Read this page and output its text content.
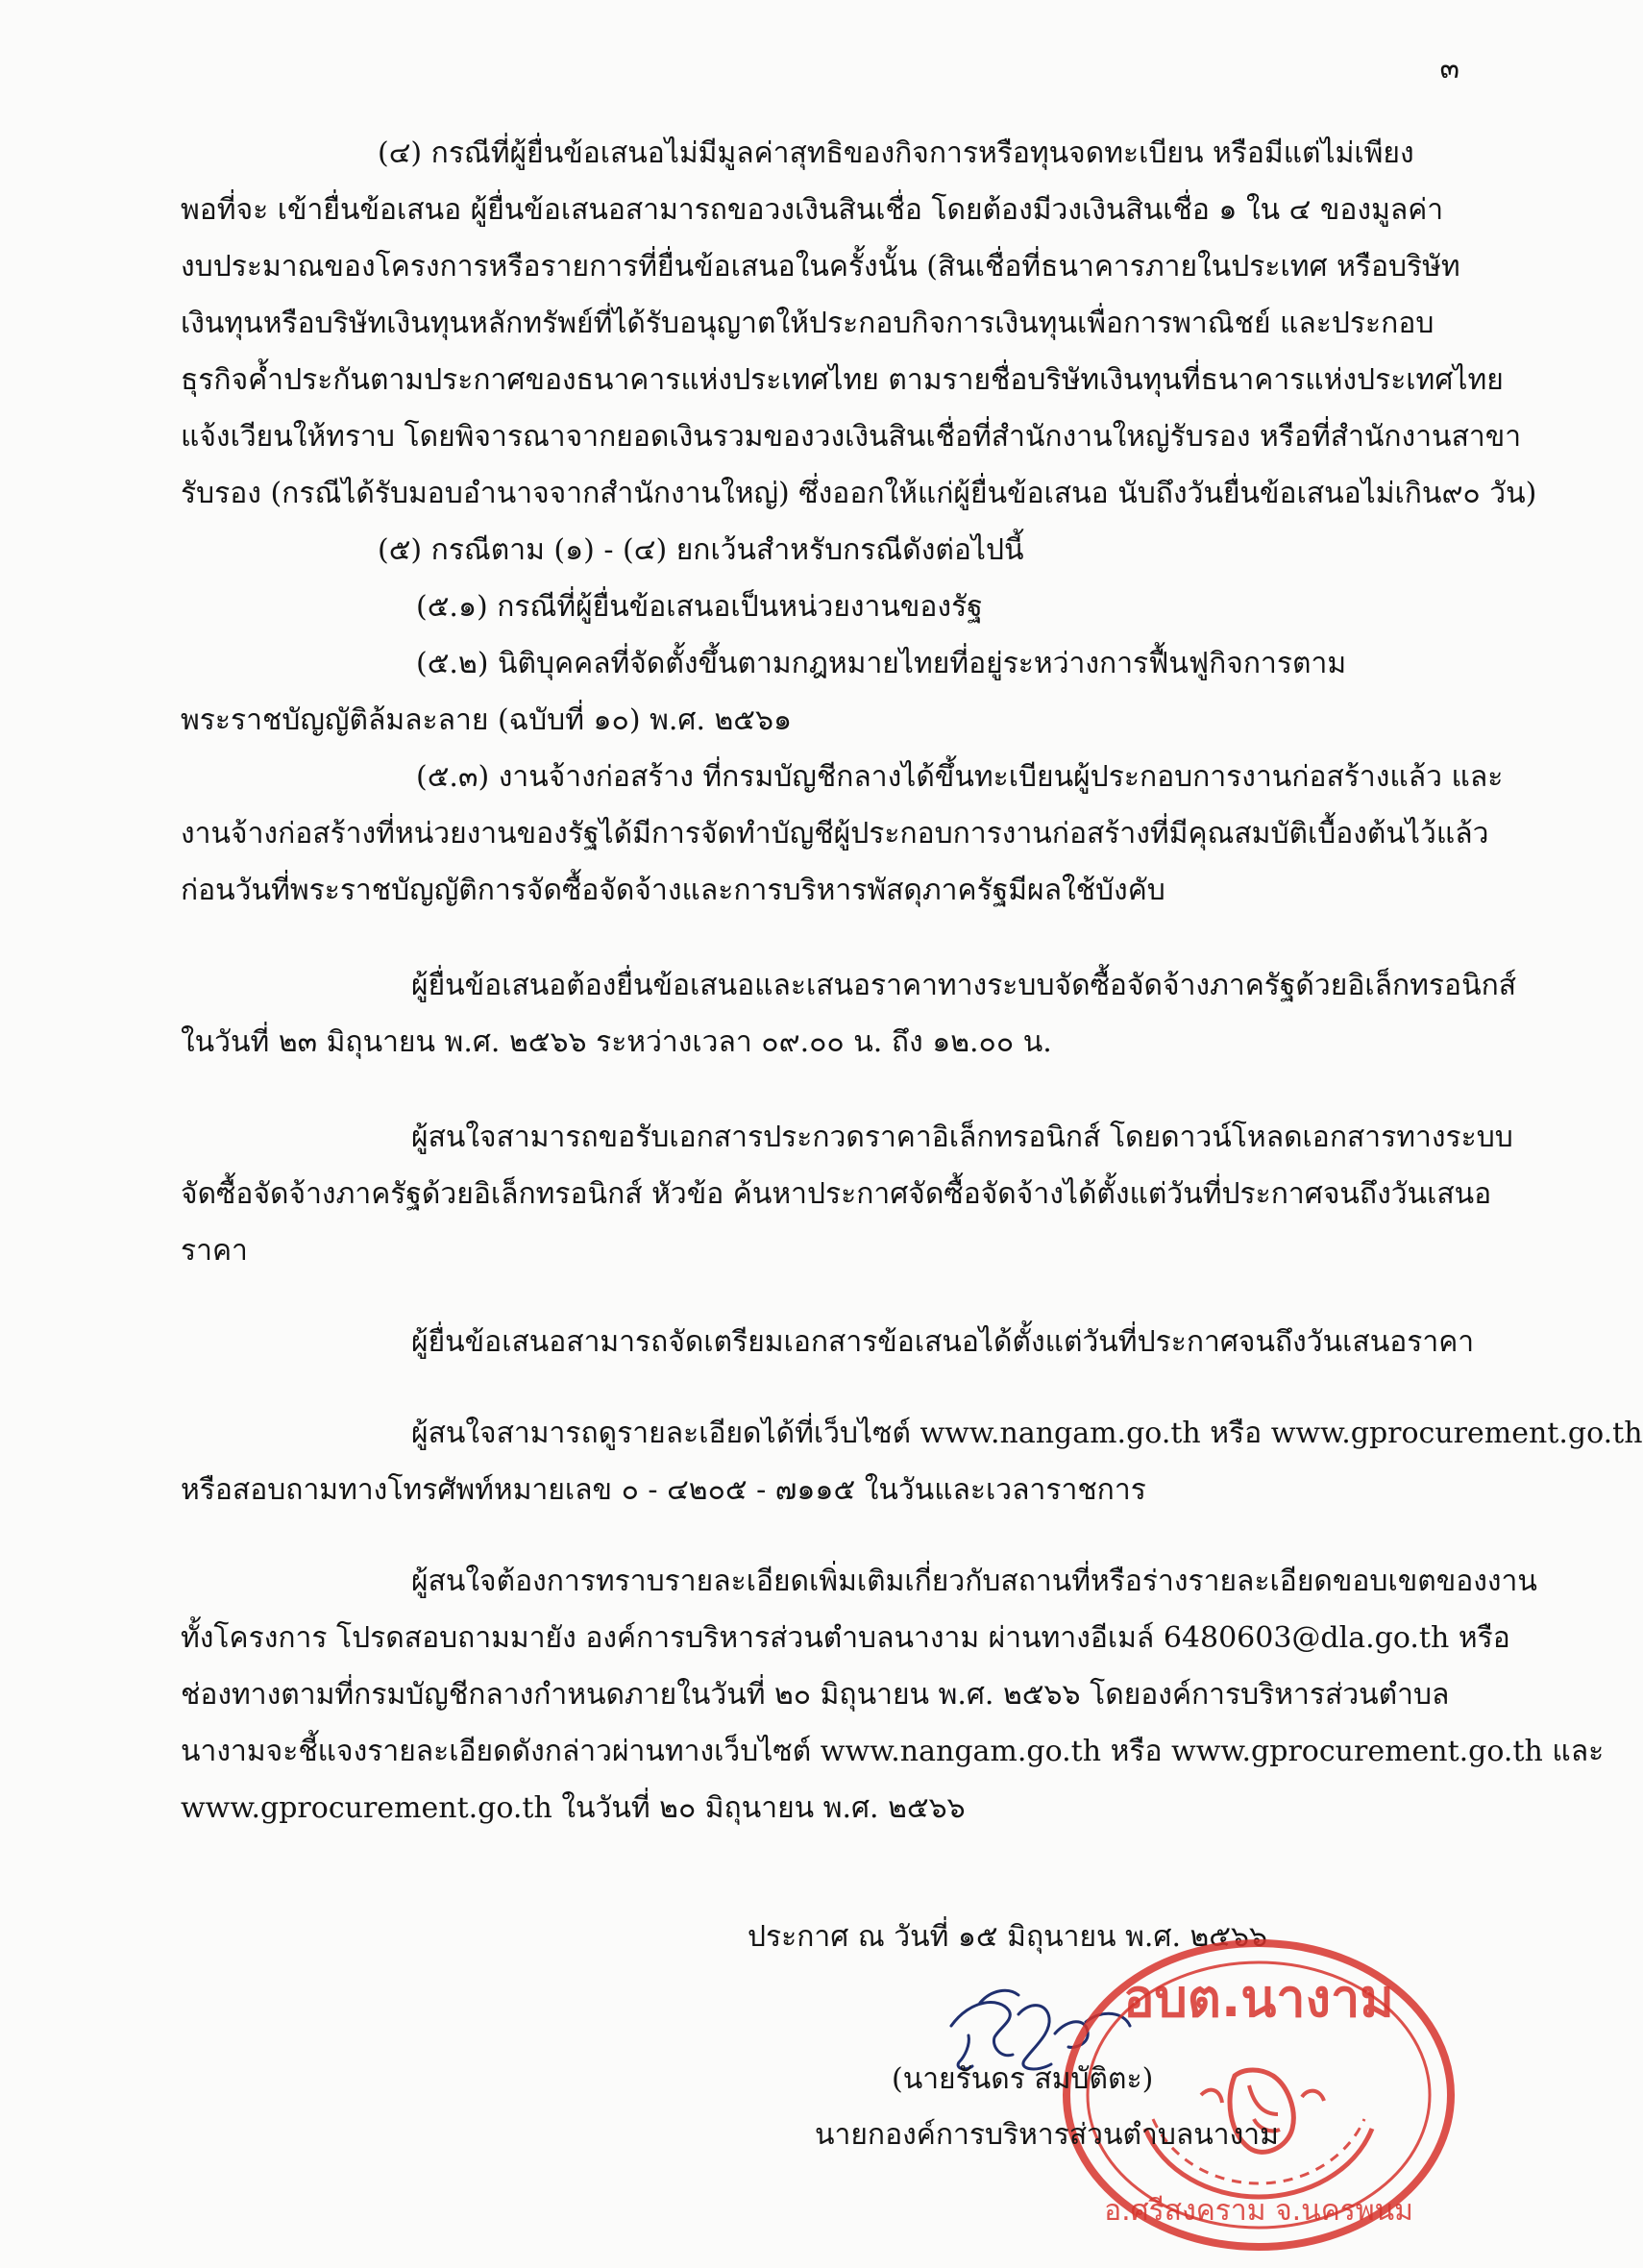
๓
(๔) กรณีที่ผู้ยื่นข้อเสนอไม่มีมูลค่าสุทธิของกิจการหรือทุนจดทะเบียน หรือมีแต่ไม่เพียง
พอที่จะ เข้ายื่นข้อเสนอ ผู้ยื่นข้อเสนอสามารถขอวงเงินสินเชื่อ โดยต้องมีวงเงินสินเชื่อ ๑ ใน ๔ ของมูลค่า
งบประมาณของโครงการหรือรายการที่ยื่นข้อเสนอในครั้งนั้น (สินเชื่อที่ธนาคารภายในประเทศ หรือบริษัท
เงินทุนหรือบริษัทเงินทุนหลักทรัพย์ที่ได้รับอนุญาตให้ประกอบกิจการเงินทุนเพื่อการพาณิชย์ และประกอบ
ธุรกิจค้ำประกันตามประกาศของธนาคารแห่งประเทศไทย ตามรายชื่อบริษัทเงินทุนที่ธนาคารแห่งประเทศไทย
แจ้งเวียนให้ทราบ โดยพิจารณาจากยอดเงินรวมของวงเงินสินเชื่อที่สำนักงานใหญ่รับรอง หรือที่สำนักงานสาขา
รับรอง (กรณีได้รับมอบอำนาจจากสำนักงานใหญ่) ซึ่งออกให้แก่ผู้ยื่นข้อเสนอ นับถึงวันยื่นข้อเสนอไม่เกิน๙๐ วัน)
(๕) กรณีตาม (๑) - (๔) ยกเว้นสำหรับกรณีดังต่อไปนี้
(๕.๑) กรณีที่ผู้ยื่นข้อเสนอเป็นหน่วยงานของรัฐ
(๕.๒) นิติบุคคลที่จัดตั้งขึ้นตามกฎหมายไทยที่อยู่ระหว่างการฟื้นฟูกิจการตาม
พระราชบัญญัติล้มละลาย (ฉบับที่ ๑๐) พ.ศ. ๒๕๖๑
(๕.๓) งานจ้างก่อสร้าง ที่กรมบัญชีกลางได้ขึ้นทะเบียนผู้ประกอบการงานก่อสร้างแล้ว และ
งานจ้างก่อสร้างที่หน่วยงานของรัฐได้มีการจัดทำบัญชีผู้ประกอบการงานก่อสร้างที่มีคุณสมบัติเบื้องต้นไว้แล้ว
ก่อนวันที่พระราชบัญญัติการจัดซื้อจัดจ้างและการบริหารพัสดุภาครัฐมีผลใช้บังคับ
ผู้ยื่นข้อเสนอต้องยื่นข้อเสนอและเสนอราคาทางระบบจัดซื้อจัดจ้างภาครัฐด้วยอิเล็กทรอนิกส์
ในวันที่ ๒๓ มิถุนายน พ.ศ. ๒๕๖๖ ระหว่างเวลา ๐๙.๐๐ น. ถึง ๑๒.๐๐ น.
ผู้สนใจสามารถขอรับเอกสารประกวดราคาอิเล็กทรอนิกส์ โดยดาวน์โหลดเอกสารทางระบบ
จัดซื้อจัดจ้างภาครัฐด้วยอิเล็กทรอนิกส์ หัวข้อ ค้นหาประกาศจัดซื้อจัดจ้างได้ตั้งแต่วันที่ประกาศจนถึงวันเสนอ
ราคา
ผู้ยื่นข้อเสนอสามารถจัดเตรียมเอกสารข้อเสนอได้ตั้งแต่วันที่ประกาศจนถึงวันเสนอราคา
ผู้สนใจสามารถดูรายละเอียดได้ที่เว็บไซต์ www.nangam.go.th หรือ www.gprocurement.go.th
หรือสอบถามทางโทรศัพท์หมายเลข ๐ - ๔๒๐๕ - ๗๑๑๕ ในวันและเวลาราชการ
ผู้สนใจต้องการทราบรายละเอียดเพิ่มเติมเกี่ยวกับสถานที่หรือร่างรายละเอียดขอบเขตของงาน
ทั้งโครงการ โปรดสอบถามมายัง องค์การบริหารส่วนตำบลนางาม ผ่านทางอีเมล์ 6480603@dla.go.th หรือ
ช่องทางตามที่กรมบัญชีกลางกำหนดภายในวันที่ ๒๐ มิถุนายน พ.ศ. ๒๕๖๖ โดยองค์การบริหารส่วนตำบล
นางามจะชี้แจงรายละเอียดดังกล่าวผ่านทางเว็บไซต์ www.nangam.go.th หรือ www.gprocurement.go.th และ
www.gprocurement.go.th ในวันที่ ๒๐ มิถุนายน พ.ศ. ๒๕๖๖
ประกาศ ณ วันที่ ๑๕ มิถุนายน พ.ศ. ๒๕๖๖
อบต.นางาม
อ.ศรีสงคราม จ.นครพนม
(นายรันดร สมบัติตะ)
นายกองค์การบริหารส่วนตำบลนางาม
